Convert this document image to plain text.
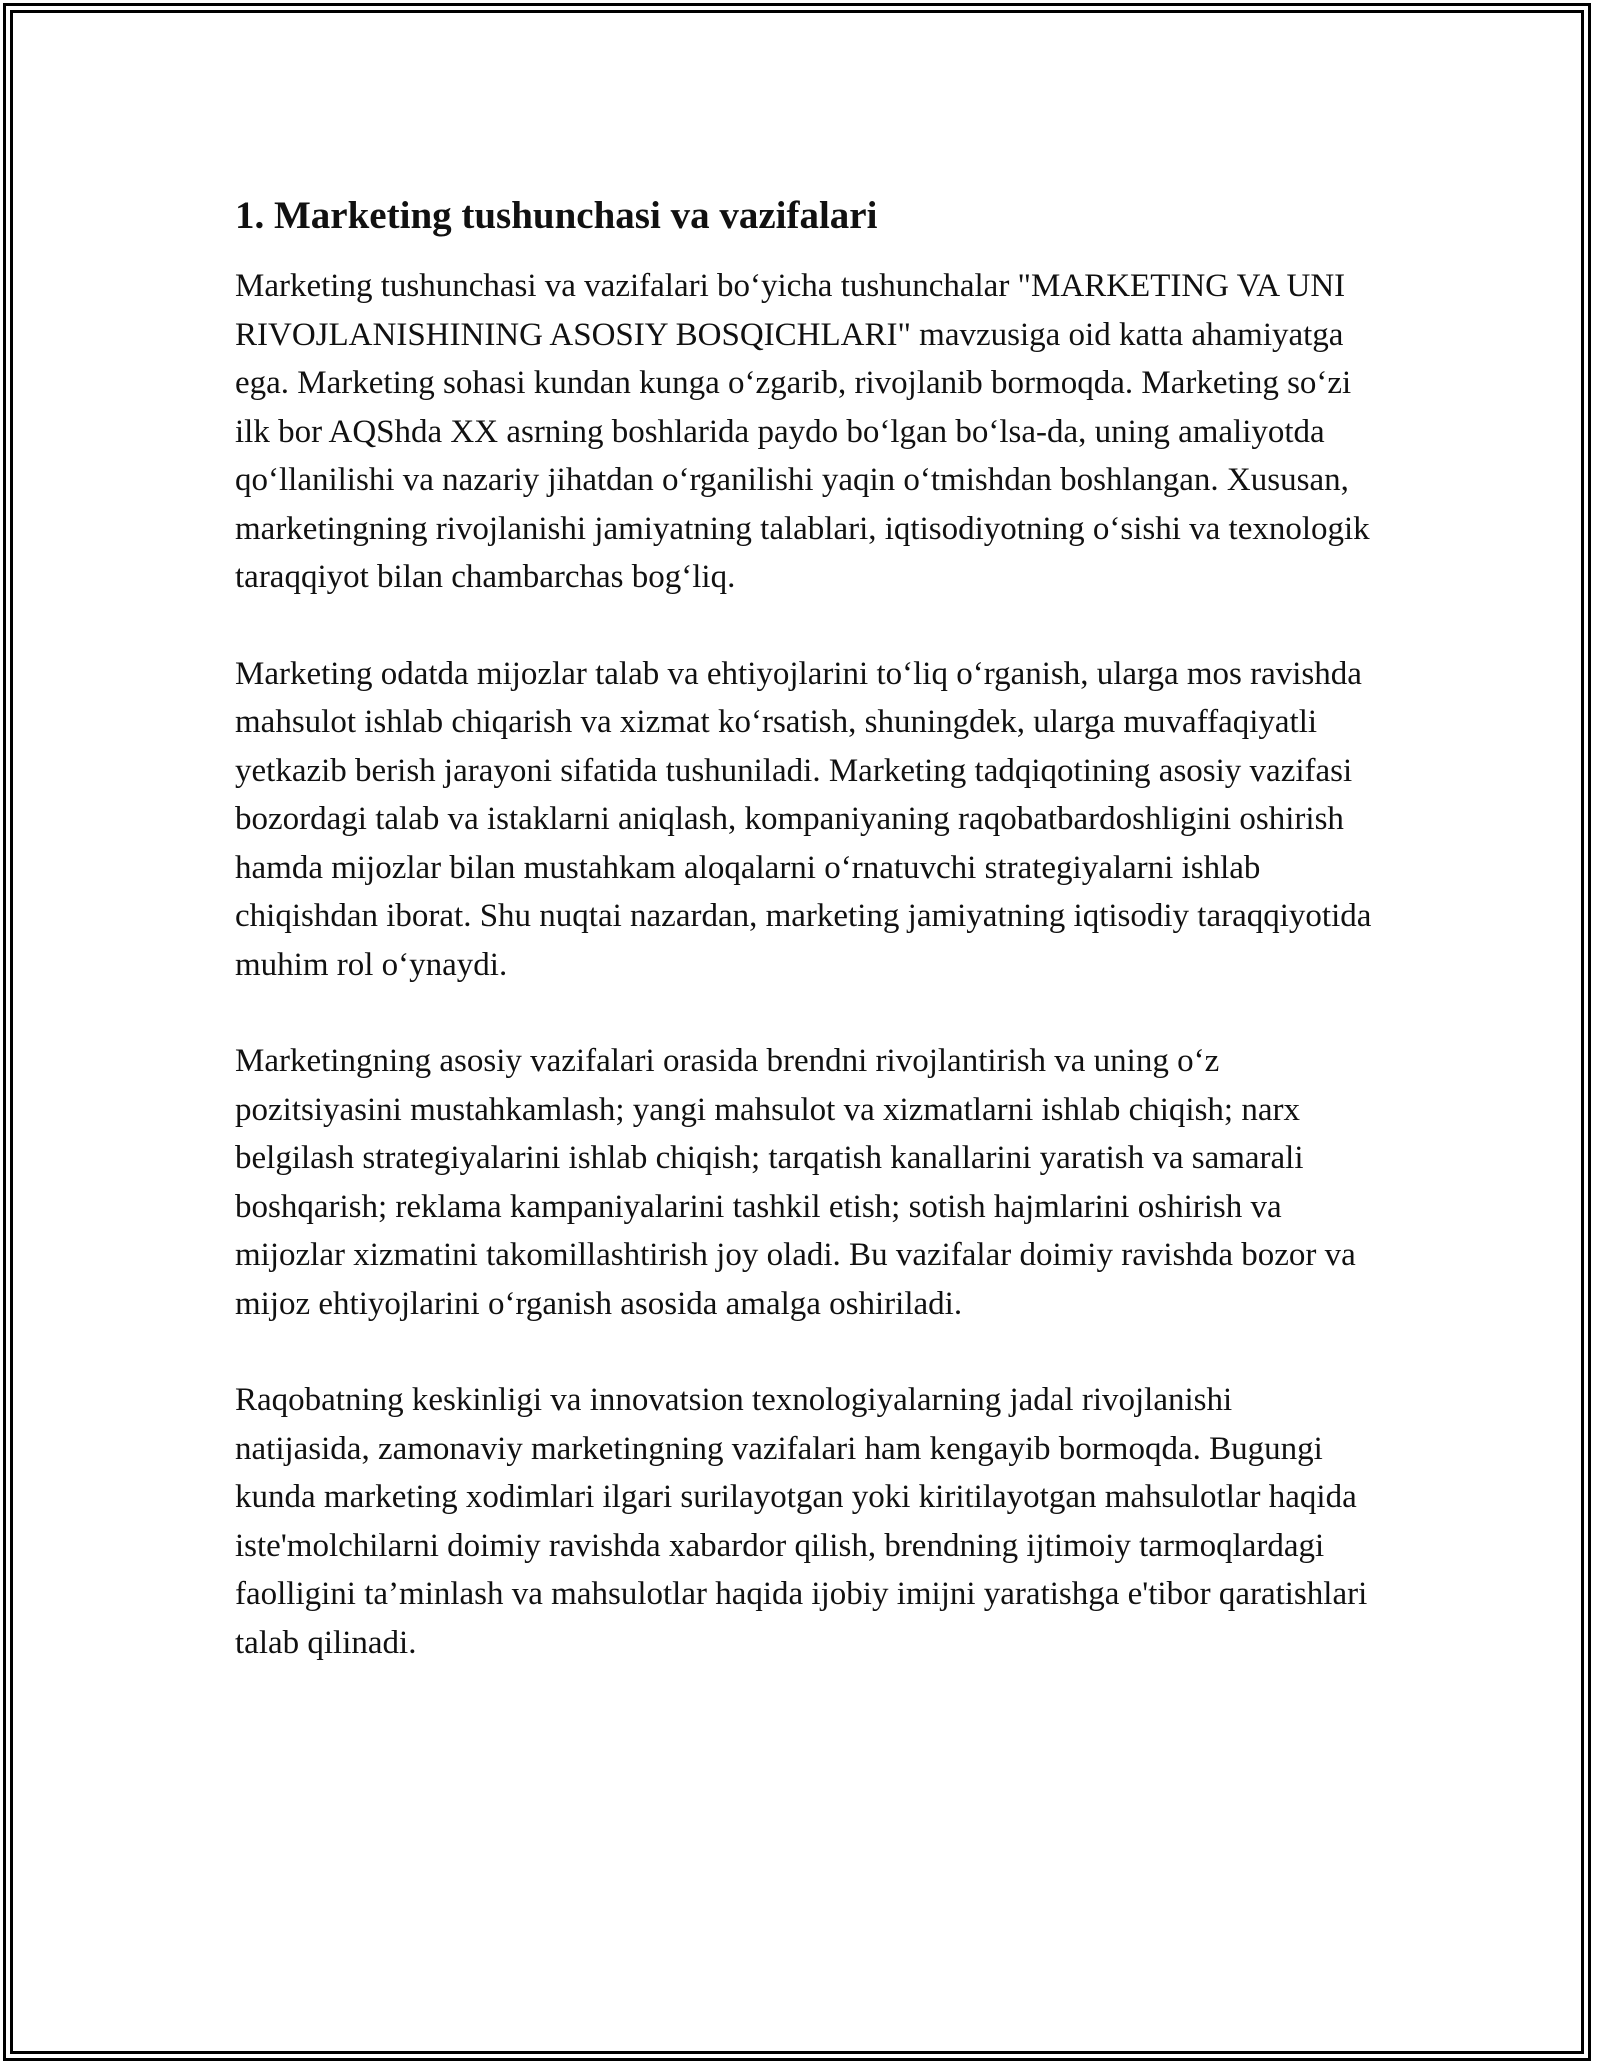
1. Marketing tushunchasi va vazifalari

Marketing tushunchasi va vazifalari bo‘yicha tushunchalar "MARKETING VA UNI RIVOJLANISHINING ASOSIY BOSQICHLARI" mavzusiga oid katta ahamiyatga ega. Marketing sohasi kundan kunga o‘zgarib, rivojlanib bormoqda. Marketing so‘zi ilk bor AQShda XX asrning boshlarida paydo bo‘lgan bo‘lsa-da, uning amaliyotda qo‘llanilishi va nazariy jihatdan o‘rganilishi yaqin o‘tmishdan boshlangan. Xususan, marketingning rivojlanishi jamiyatning talablari, iqtisodiyotning o‘sishi va texnologik taraqqiyot bilan chambarchas bog‘liq.

Marketing odatda mijozlar talab va ehtiyojlarini to‘liq o‘rganish, ularga mos ravishda mahsulot ishlab chiqarish va xizmat ko‘rsatish, shuningdek, ularga muvaffaqiyatli yetkazib berish jarayoni sifatida tushuniladi. Marketing tadqiqotining asosiy vazifasi bozordagi talab va istaklarni aniqlash, kompaniyaning raqobatbardoshligini oshirish hamda mijozlar bilan mustahkam aloqalarni o‘rnatuvchi strategiyalarni ishlab chiqishdan iborat. Shu nuqtai nazardan, marketing jamiyatning iqtisodiy taraqqiyotida muhim rol o‘ynaydi.

Marketingning asosiy vazifalari orasida brendni rivojlantirish va uning o‘z pozitsiyasini mustahkamlash; yangi mahsulot va xizmatlarni ishlab chiqish; narx belgilash strategiyalarini ishlab chiqish; tarqatish kanallarini yaratish va samarali boshqarish; reklama kampaniyalarini tashkil etish; sotish hajmlarini oshirish va mijozlar xizmatini takomillashtirish joy oladi. Bu vazifalar doimiy ravishda bozor va mijoz ehtiyojlarini o‘rganish asosida amalga oshiriladi.

Raqobatning keskinligi va innovatsion texnologiyalarning jadal rivojlanishi natijasida, zamonaviy marketingning vazifalari ham kengayib bormoqda. Bugungi kunda marketing xodimlari ilgari surilayotgan yoki kiritilayotgan mahsulotlar haqida iste'molchilarni doimiy ravishda xabardor qilish, brendning ijtimoiy tarmoqlardagi faolligini ta’minlash va mahsulotlar haqida ijobiy imijni yaratishga e'tibor qaratishlari talab qilinadi.
